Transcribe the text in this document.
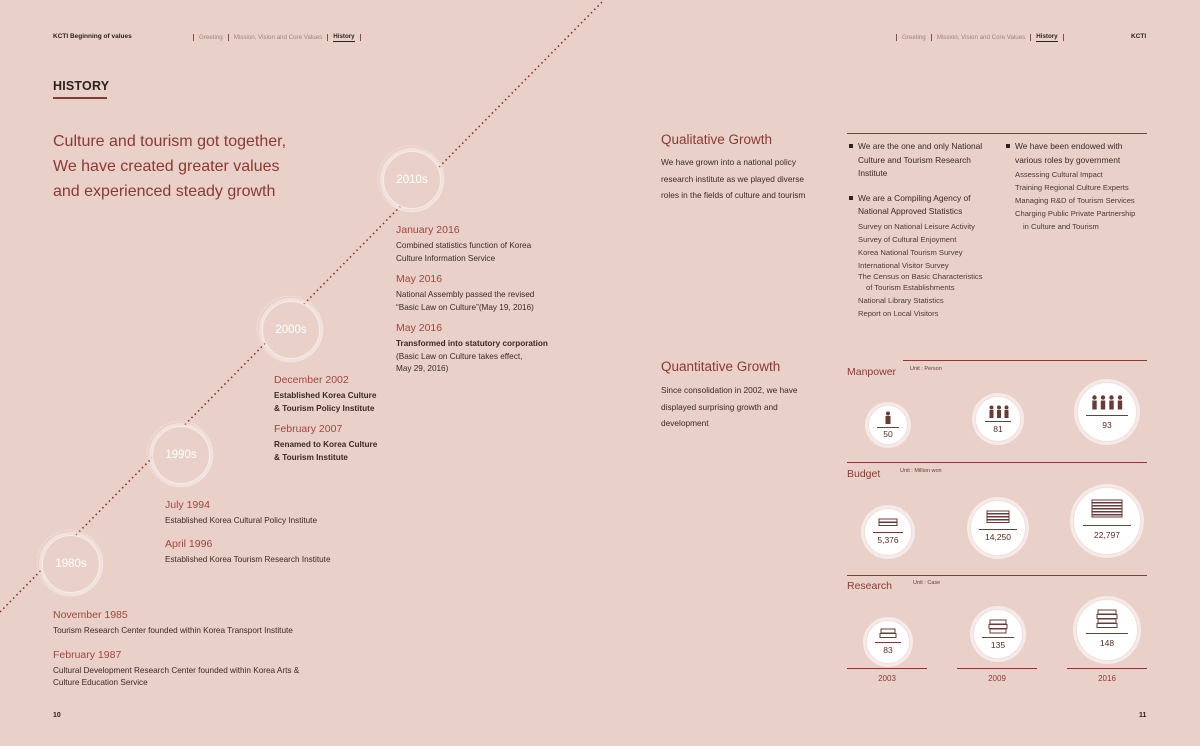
KCTI Beginning of values	Greeting Mission, Vision and Core Values History	Greeting Mission, Vision and Core Values History	KCTI
HISTORY
Culture and tourism got together,
We have created greater values
and experienced steady growth
1980s
1990s
2000s
2010s
November 1985
Tourism Research Center founded within Korea Transport Institute
February 1987
Cultural Development Research Center founded within Korea Arts &
Culture Education Service
July 1994
Established Korea Cultural Policy Institute
April 1996
Established Korea Tourism Research Institute
December 2002
Established Korea Culture
& Tourism Policy Institute
February 2007
Renamed to Korea Culture
& Tourism Institute
January 2016
Combined statistics function of Korea
Culture Information Service
May 2016
National Assembly passed the revised
“Basic Law on Culture”(May 19, 2016)
May 2016
Transformed into statutory corporation
(Basic Law on Culture takes effect,
May 29, 2016)
Qualitative Growth
We have grown into a national policy
research institute as we played diverse
roles in the fields of culture and tourism
We are the one and only National
Culture and Tourism Research
Institute
We are a Compiling Agency of
National Approved Statistics
Survey on National Leisure Activity
Survey of Cultural Enjoyment
Korea National Tourism Survey
International Visitor Survey
The Census on Basic Characteristics
of Tourism Establishments
National Library Statistics
Report on Local Visitors
We have been endowed with
various roles by government
Assessing Cultural Impact
Training Regional Culture Experts
Managing R&D of Tourism Services
Charging Public Private Partnership
in Culture and Tourism
Quantitative Growth
Since consolidation in 2002, we have
displayed surprising growth and
development
Manpower	Unit : Person
50	81	93
Budget	Unit : Million won
5,376	14,250	22,797
Research	Unit : Case
83	135	148
2003	2009	2016
10	11
